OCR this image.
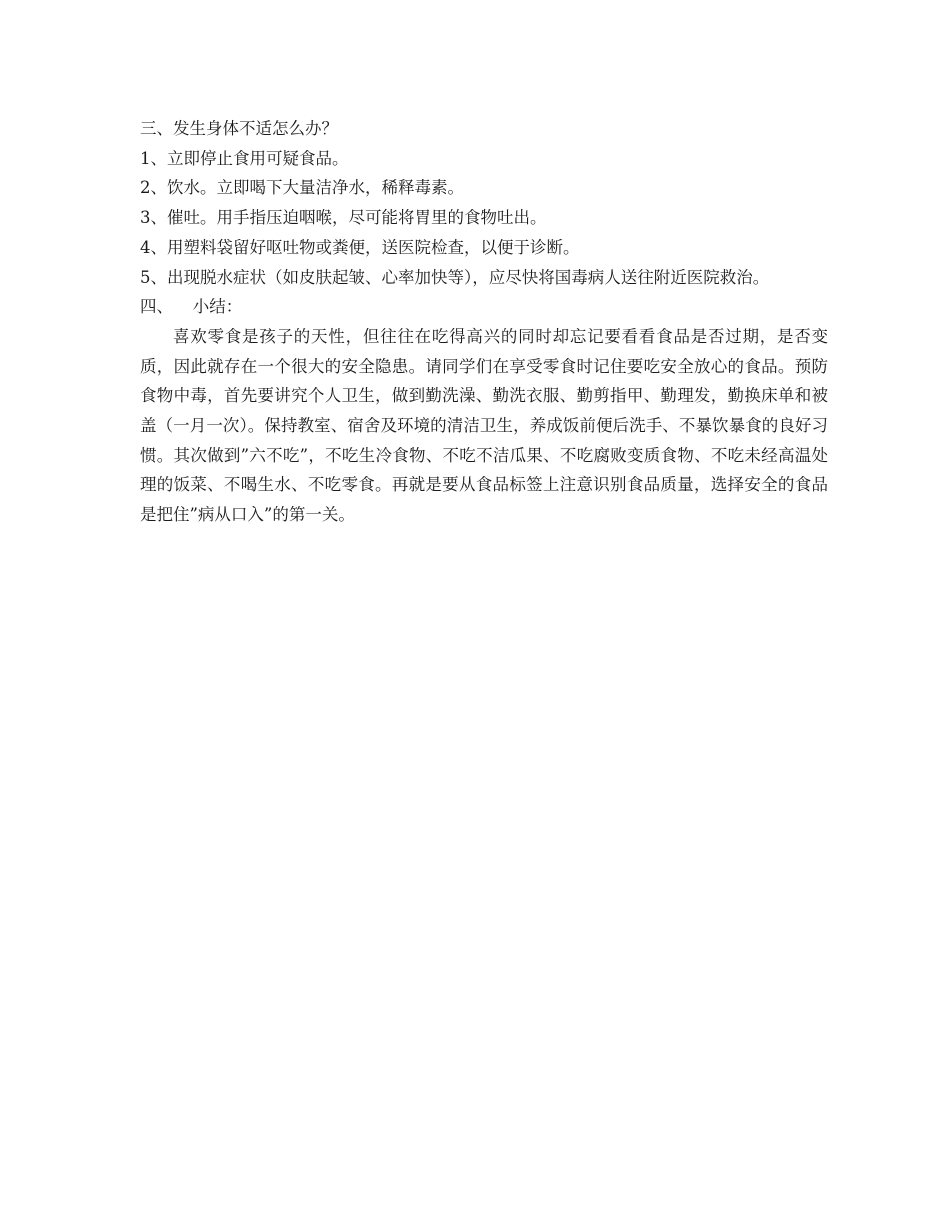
三、发生身体不适怎么办？
1、立即停止食用可疑食品。
2、饮水。立即喝下大量洁净水，稀释毒素。
3、催吐。用手指压迫咽喉，尽可能将胃里的食物吐出。
4、用塑料袋留好呕吐物或粪便，送医院检查，以便于诊断。
5、出现脱水症状（如皮肤起皱、心率加快等），应尽快将国毒病人送往附近医院救治。
四、 小结：
喜欢零食是孩子的天性，但往往在吃得高兴的同时却忘记要看看食品是否过期，是否变质，因此就存在一个很大的安全隐患。请同学们在享受零食时记住要吃安全放心的食品。预防食物中毒，首先要讲究个人卫生，做到勤洗澡、勤洗衣服、勤剪指甲、勤理发，勤换床单和被盖（一月一次）。保持教室、宿舍及环境的清洁卫生，养成饭前便后洗手、不暴饮暴食的良好习惯。其次做到”六不吃”，不吃生冷食物、不吃不洁瓜果、不吃腐败变质食物、不吃未经高温处理的饭菜、不喝生水、不吃零食。再就是要从食品标签上注意识别食品质量，选择安全的食品是把住”病从口入”的第一关。
